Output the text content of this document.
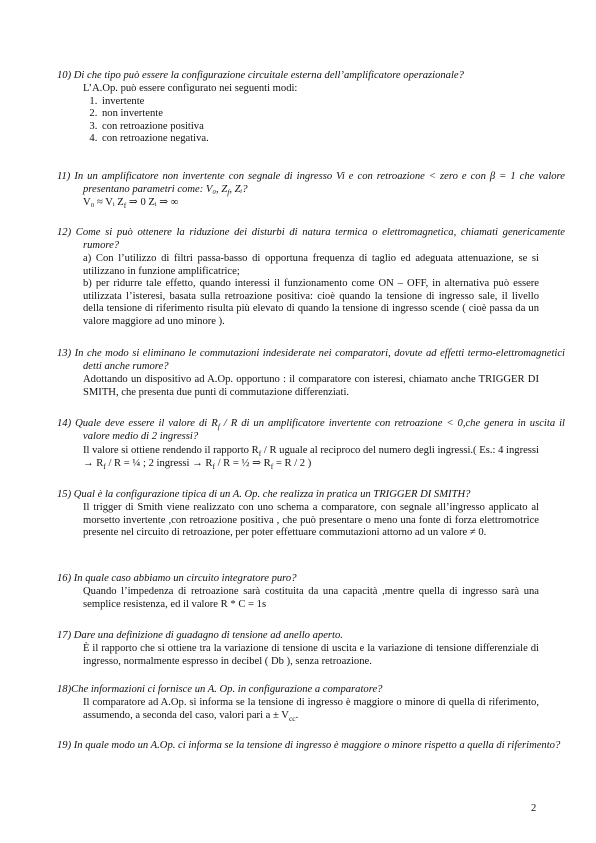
10) Di che tipo può essere la configurazione circuitale esterna dell’amplificatore operazionale?

L’A.Op. può essere configurato nei seguenti modi:

1. invertente
2. non invertente
3. con retroazione positiva
4. con retroazione negativa.
11) In un amplificatore non invertente con segnale di ingresso Vi e con retroazione < zero e con β = 1 che valore presentano parametri come: V₀, $Z_f$, Zᵢ?

V₀ ≈ Vᵢ $Z_f$ ⇒ 0 Zᵢ ⇒ ∞

12) Come si può ottenere la riduzione dei disturbi di natura termica o elettromagnetica, chiamati genericamente rumore?

a) Con l’utilizzo di filtri passa-basso di opportuna frequenza di taglio ed adeguata attenuazione, se si utilizzano in funzione amplificatrice;

b) per ridurre tale effetto, quando interessi il funzionamento come ON – OFF, in alternativa può essere utilizzata l’isteresi, basata sulla retroazione positiva: cioè quando la tensione di ingresso sale, il livello della tensione di riferimento risulta più elevato di quando la tensione di ingresso scende ( cioè passa da un valore maggiore ad uno minore ).

13) In che modo si eliminano le commutazioni indesiderate nei comparatori, dovute ad effetti termo-elettromagnetici detti anche rumore?

Adottando un dispositivo ad A.Op. opportuno : il comparatore con isteresi, chiamato anche TRIGGER DI SMITH, che presenta due punti di commutazione differenziati.

14) Quale deve essere il valore di $R_f$ / R di un amplificatore invertente con retroazione < 0,che genera in uscita il valore medio di 2 ingressi?

Il valore si ottiene rendendo il rapporto $R_f$ / R uguale al reciproco del numero degli ingressi.( Es.: 4 ingressi → $R_f$ / R = ¼ ; 2 ingressi → $R_f$ / R = ½ ⇒ $R_f = R / 2$ )

15) Qual è la configurazione tipica di un A. Op. che realizza in pratica un TRIGGER DI SMITH?

Il trigger di Smith viene realizzato con uno schema a comparatore, con segnale all’ingresso applicato al morsetto invertente ,con retroazione positiva , che può presentare o meno una fonte di forza elettromotrice presente nel circuito di retroazione, per poter effettuare commutazioni attorno ad un valore ≠ 0.

16) In quale caso abbiamo un circuito integratore puro?

Quando l’impedenza di retroazione sarà costituita da una capacità ,mentre quella di ingresso sarà una semplice resistenza, ed il valore R * C = 1s

17) Dare una definizione di guadagno di tensione ad anello aperto.

È il rapporto che si ottiene tra la variazione di tensione di uscita e la variazione di tensione differenziale di ingresso, normalmente espresso in decibel ( Db ), senza retroazione.

18)Che informazioni ci fornisce un A. Op. in configurazione a comparatore?

Il comparatore ad A.Op. si informa se la tensione di ingresso è maggiore o minore di quella di riferimento, assumendo, a seconda del caso, valori pari $a \pm V_{cc}$.

19) In quale modo un A.Op. ci informa se la tensione di ingresso è maggiore o minore rispetto a quella di riferimento?
2
